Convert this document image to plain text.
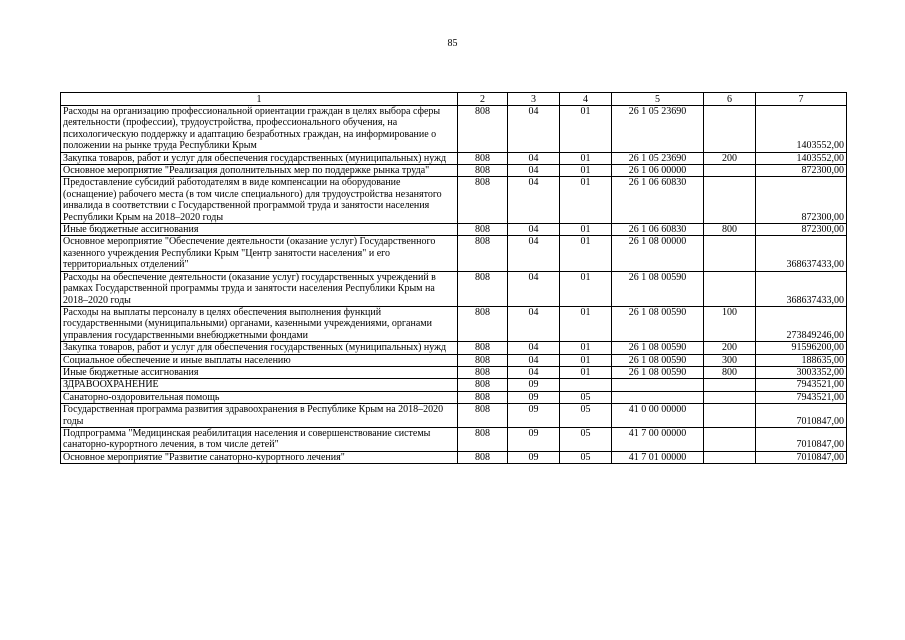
85
1	2	3	4	5	6	7
Расходы на организацию профессиональной ориентации граждан в целях выбора сферы деятельности (профессии), трудоустройства, профессионального обучения, на психологическую поддержку и адаптацию безработных граждан, на информирование о положении на рынке труда Республики Крым	808	04	01	26 1 05 23690		1403552,00
Закупка товаров, работ и услуг для обеспечения государственных (муниципальных) нужд	808	04	01	26 1 05 23690	200	1403552,00
Основное мероприятие "Реализация дополнительных мер по поддержке рынка труда"	808	04	01	26 1 06 00000		872300,00
Предоставление субсидий работодателям в виде компенсации на оборудование (оснащение) рабочего места (в том числе специального) для трудоустройства незанятого инвалида в соответствии с Государственной программой труда и занятости населения Республики Крым на 2018–2020 годы	808	04	01	26 1 06 60830		872300,00
Иные бюджетные ассигнования	808	04	01	26 1 06 60830	800	872300,00
Основное мероприятие "Обеспечение деятельности (оказание услуг) Государственного казенного учреждения Республики Крым "Центр занятости населения" и его территориальных отделений"	808	04	01	26 1 08 00000		368637433,00
Расходы на обеспечение деятельности (оказание услуг) государственных учреждений в рамках Государственной программы труда и занятости населения Республики Крым на 2018–2020 годы	808	04	01	26 1 08 00590		368637433,00
Расходы на выплаты персоналу в целях обеспечения выполнения функций государственными (муниципальными) органами, казенными учреждениями, органами управления государственными внебюджетными фондами	808	04	01	26 1 08 00590	100	273849246,00
Закупка товаров, работ и услуг для обеспечения государственных (муниципальных) нужд	808	04	01	26 1 08 00590	200	91596200,00
Социальное обеспечение и иные выплаты населению	808	04	01	26 1 08 00590	300	188635,00
Иные бюджетные ассигнования	808	04	01	26 1 08 00590	800	3003352,00
ЗДРАВООХРАНЕНИЕ	808	09				7943521,00
Санаторно-оздоровительная помощь	808	09	05			7943521,00
Государственная программа развития здравоохранения в Республике Крым на 2018–2020 годы	808	09	05	41 0 00 00000		7010847,00
Подпрограмма "Медицинская реабилитация населения и совершенствование системы санаторно-курортного лечения, в том числе детей"	808	09	05	41 7 00 00000		7010847,00
Основное мероприятие "Развитие санаторно-курортного лечения"	808	09	05	41 7 01 00000		7010847,00
